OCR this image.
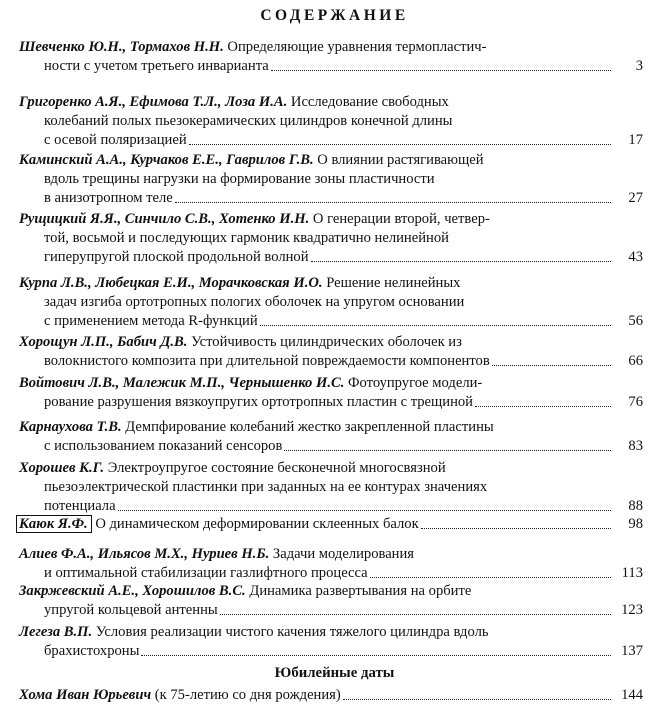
СОДЕРЖАНИЕ
Шевченко Ю.Н., Тормахов Н.Н. Определяющие уравнения термопластич-
ности с учетом третьего инварианта	3
Григоренко А.Я., Ефимова Т.Л., Лоза И.А. Исследование свободных
колебаний полых пьезокерамических цилиндров конечной длины
с осевой поляризацией	17
Каминский А.А., Курчаков Е.Е., Гаврилов Г.В. О влиянии растягивающей
вдоль трещины нагрузки на формирование зоны пластичности
в анизотропном теле	27
Рущицкий Я.Я., Синчило С.В., Хотенко И.Н. О генерации второй, четвер-
той, восьмой и последующих гармоник квадратично нелинейной
гиперупругой плоской продольной волной	43
Курпа Л.В., Любецкая Е.И., Морачковская И.О. Решение нелинейных
задач изгиба ортотропных пологих оболочек на упругом основании
с применением метода R-функций	56
Хорощун Л.П., Бабич Д.В. Устойчивость цилиндрических оболочек из
волокнистого композита при длительной повреждаемости компонентов	66
Войтович Л.В., Малежик М.П., Чернышенко И.С. Фотоупругое модели-
рование разрушения вязкоупругих ортотропных пластин с трещиной	76
Карнаухова Т.В. Демпфирование колебаний жестко закрепленной пластины
с использованием показаний сенсоров	83
Хорошев К.Г. Электроупругое состояние бесконечной многосвязной
пьезоэлектрической пластинки при заданных на ее контурах значениях
потенциала	88
Каюк Я.Ф. О динамическом деформировании склеенных балок	98
Алиев Ф.А., Ильясов М.Х., Нуриев Н.Б. Задачи моделирования
и оптимальной стабилизации газлифтного процесса	113
Закржевский А.Е., Хорошилов В.С. Динамика развертывания на орбите
упругой кольцевой антенны	123
Легеза В.П. Условия реализации чистого качения тяжелого цилиндра вдоль
брахистохроны	137
Юбилейные даты
Хома Иван Юрьевич (к 75-летию со дня рождения)	144
